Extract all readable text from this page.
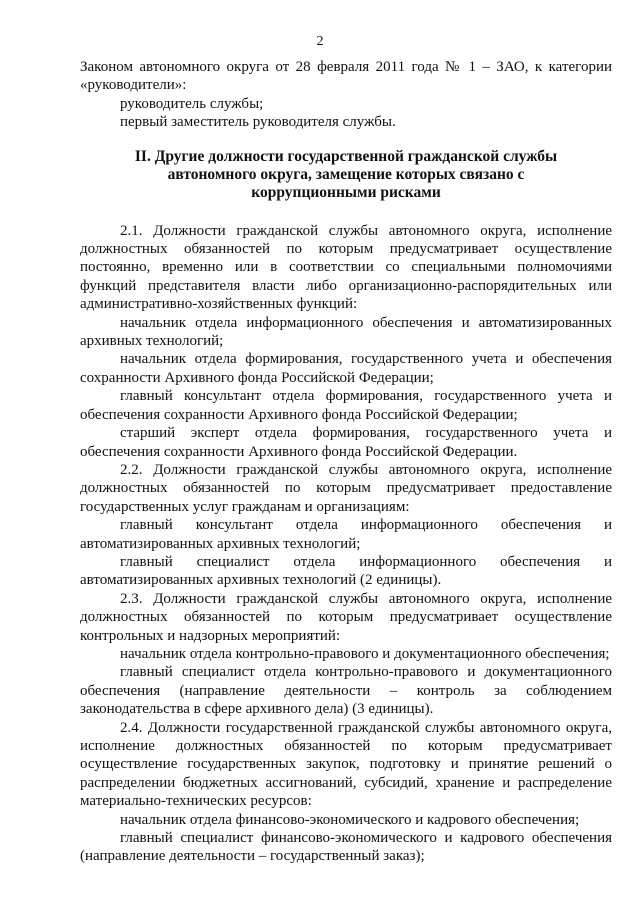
2

Законом автономного округа от 28 февраля 2011 года № 1 – ЗАО, к категории «руководители»:

руководитель службы;

первый заместитель руководителя службы.

II. Другие должности государственной гражданской службы
автономного округа, замещение которых связано с
коррупционными рисками

2.1. Должности гражданской службы автономного округа, исполнение должностных обязанностей по которым предусматривает осуществление постоянно, временно или в соответствии со специальными полномочиями функций представителя власти либо организационно-распорядительных или административно-хозяйственных функций:

начальник отдела информационного обеспечения и автоматизированных архивных технологий;

начальник отдела формирования, государственного учета и обеспечения сохранности Архивного фонда Российской Федерации;

главный консультант отдела формирования, государственного учета и обеспечения сохранности Архивного фонда Российской Федерации;

старший эксперт отдела формирования, государственного учета и обеспечения сохранности Архивного фонда Российской Федерации.

2.2. Должности гражданской службы автономного округа, исполнение должностных обязанностей по которым предусматривает предоставление государственных услуг гражданам и организациям:

главный консультант отдела информационного обеспечения и автоматизированных архивных технологий;

главный специалист отдела информационного обеспечения и автоматизированных архивных технологий (2 единицы).

2.3. Должности гражданской службы автономного округа, исполнение должностных обязанностей по которым предусматривает осуществление контрольных и надзорных мероприятий:

начальник отдела контрольно-правового и документационного обеспечения;

главный специалист отдела контрольно-правового и документационного обеспечения (направление деятельности – контроль за соблюдением законодательства в сфере архивного дела) (3 единицы).

2.4. Должности государственной гражданской службы автономного округа, исполнение должностных обязанностей по которым предусматривает осуществление государственных закупок, подготовку и принятие решений о распределении бюджетных ассигнований, субсидий, хранение и распределение материально-технических ресурсов:

начальник отдела финансово-экономического и кадрового обеспечения;

главный специалист финансово-экономического и кадрового обеспечения (направление деятельности – государственный заказ);
